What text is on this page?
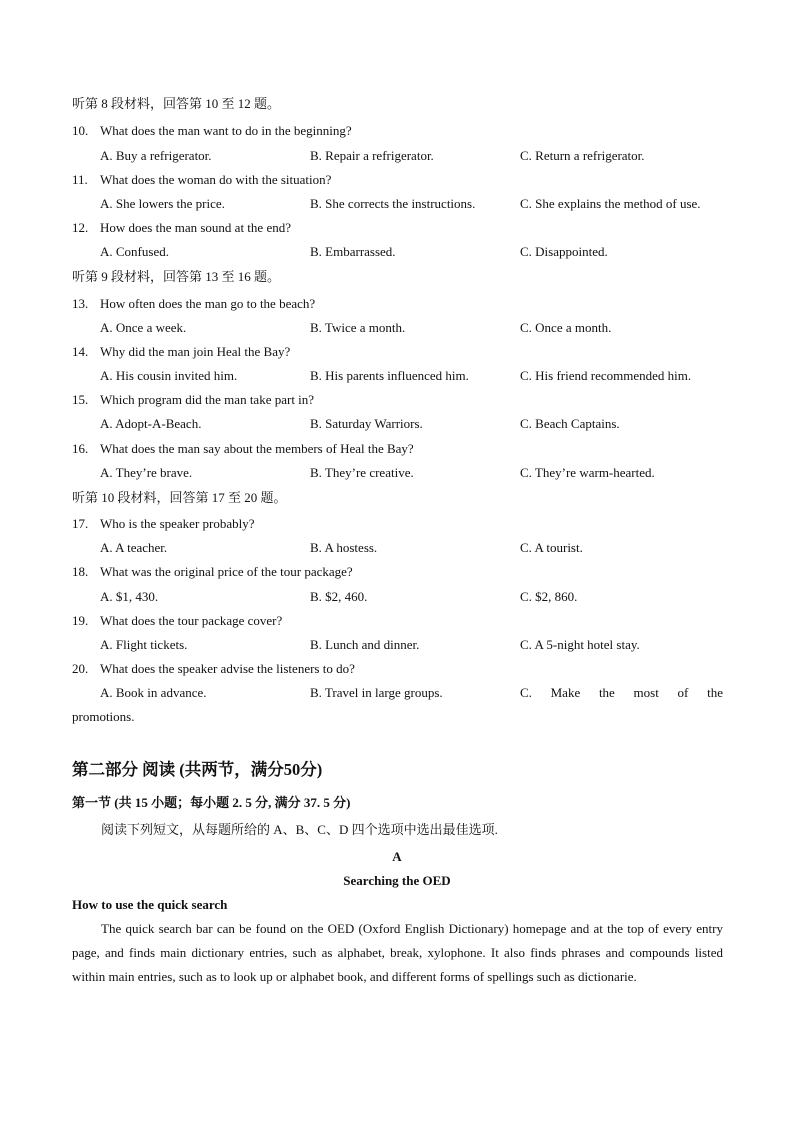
听第 8 段材料，回答第 10 至 12 题。
10. What does the man want to do in the beginning?
A. Buy a refrigerator.	B. Repair a refrigerator.	C. Return a refrigerator.
11. What does the woman do with the situation?
A. She lowers the price.	B. She corrects the instructions.	C. She explains the method of use.
12. How does the man sound at the end?
A. Confused.	B. Embarrassed.	C. Disappointed.
听第 9 段材料，回答第 13 至 16 题。
13. How often does the man go to the beach?
A. Once a week.	B. Twice a month.	C. Once a month.
14. Why did the man join Heal the Bay?
A. His cousin invited him.	B. His parents influenced him.	C. His friend recommended him.
15. Which program did the man take part in?
A. Adopt-A-Beach.	B. Saturday Warriors.	C. Beach Captains.
16. What does the man say about the members of Heal the Bay?
A. They’re brave.	B. They’re creative.	C. They’re warm-hearted.
听第 10 段材料，回答第 17 至 20 题。
17. Who is the speaker probably?
A. A teacher.	B. A hostess.	C. A tourist.
18. What was the original price of the tour package?
A. $1, 430.	B. $2, 460.	C. $2, 860.
19. What does the tour package cover?
A. Flight tickets.	B. Lunch and dinner.	C. A 5-night hotel stay.
20. What does the speaker advise the listeners to do?
A. Book in advance.	B. Travel in large groups.	C. Make the most of the
promotions.
第二部分 阅读 (共两节，满分50分)
第一节 (共 15 小题；每小题 2. 5 分, 满分 37. 5 分)
阅读下列短文，从每题所给的 A、B、C、D 四个选项中选出最佳选项.
A
Searching the OED
How to use the quick search
The quick search bar can be found on the OED (Oxford English Dictionary) homepage and at the top of every entry page, and finds main dictionary entries, such as alphabet, break, xylophone. It also finds phrases and compounds listed within main entries, such as to look up or alphabet book, and different forms of spellings such as dictionarie.
